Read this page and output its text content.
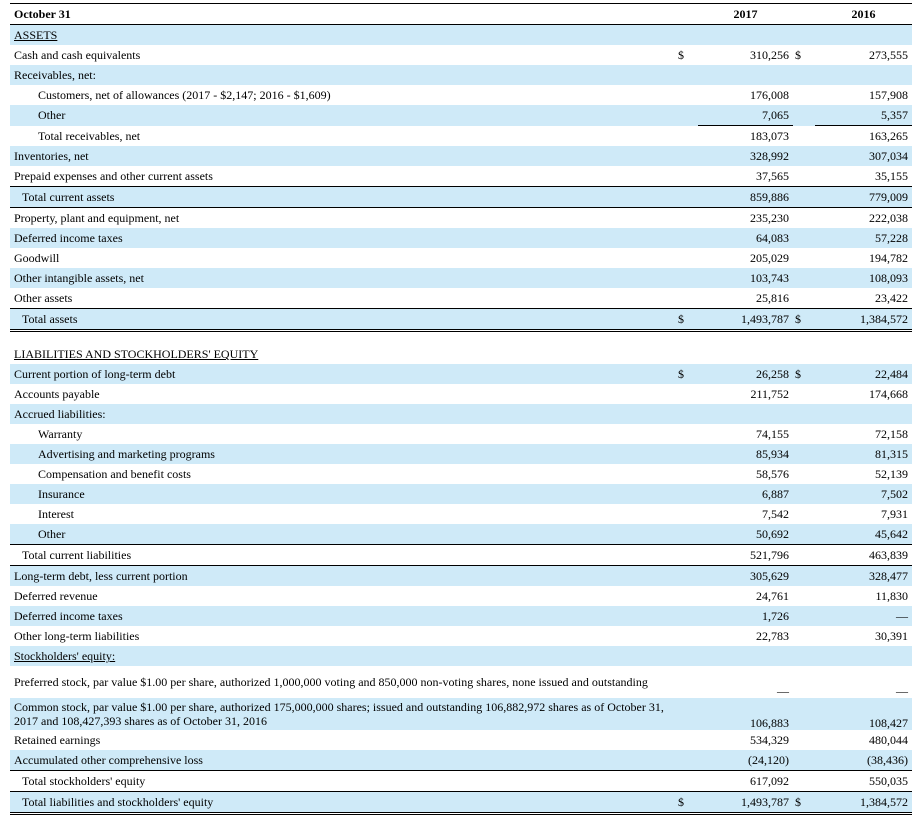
October 31		2017		2016
ASSETS				
Cash and cash equivalents	$	310,256	$	273,555
Receivables, net:				
Customers, net of allowances (2017 - $2,147; 2016 - $1,609)		176,008		157,908
Other		7,065		5,357
Total receivables, net		183,073		163,265
Inventories, net		328,992		307,034
Prepaid expenses and other current assets		37,565		35,155
Total current assets		859,886		779,009
Property, plant and equipment, net		235,230		222,038
Deferred income taxes		64,083		57,228
Goodwill		205,029		194,782
Other intangible assets, net		103,743		108,093
Other assets		25,816		23,422
Total assets	$	1,493,787	$	1,384,572

LIABILITIES AND STOCKHOLDERS' EQUITY				
Current portion of long-term debt	$	26,258	$	22,484
Accounts payable		211,752		174,668
Accrued liabilities:				
Warranty		74,155		72,158
Advertising and marketing programs		85,934		81,315
Compensation and benefit costs		58,576		52,139
Insurance		6,887		7,502
Interest		7,542		7,931
Other		50,692		45,642
Total current liabilities		521,796		463,839
Long-term debt, less current portion		305,629		328,477
Deferred revenue		24,761		11,830
Deferred income taxes		1,726		—
Other long-term liabilities		22,783		30,391
Stockholders' equity:				
Preferred stock, par value $1.00 per share, authorized 1,000,000 voting and 850,000 non-voting shares, none issued and outstanding		—		—
Common stock, par value $1.00 per share, authorized 175,000,000 shares; issued and outstanding 106,882,972 shares as of October 31, 2017 and 108,427,393 shares as of October 31, 2016		106,883		108,427
Retained earnings		534,329		480,044
Accumulated other comprehensive loss		(24,120)		(38,436)
Total stockholders' equity		617,092		550,035
Total liabilities and stockholders' equity	$	1,493,787	$	1,384,572
